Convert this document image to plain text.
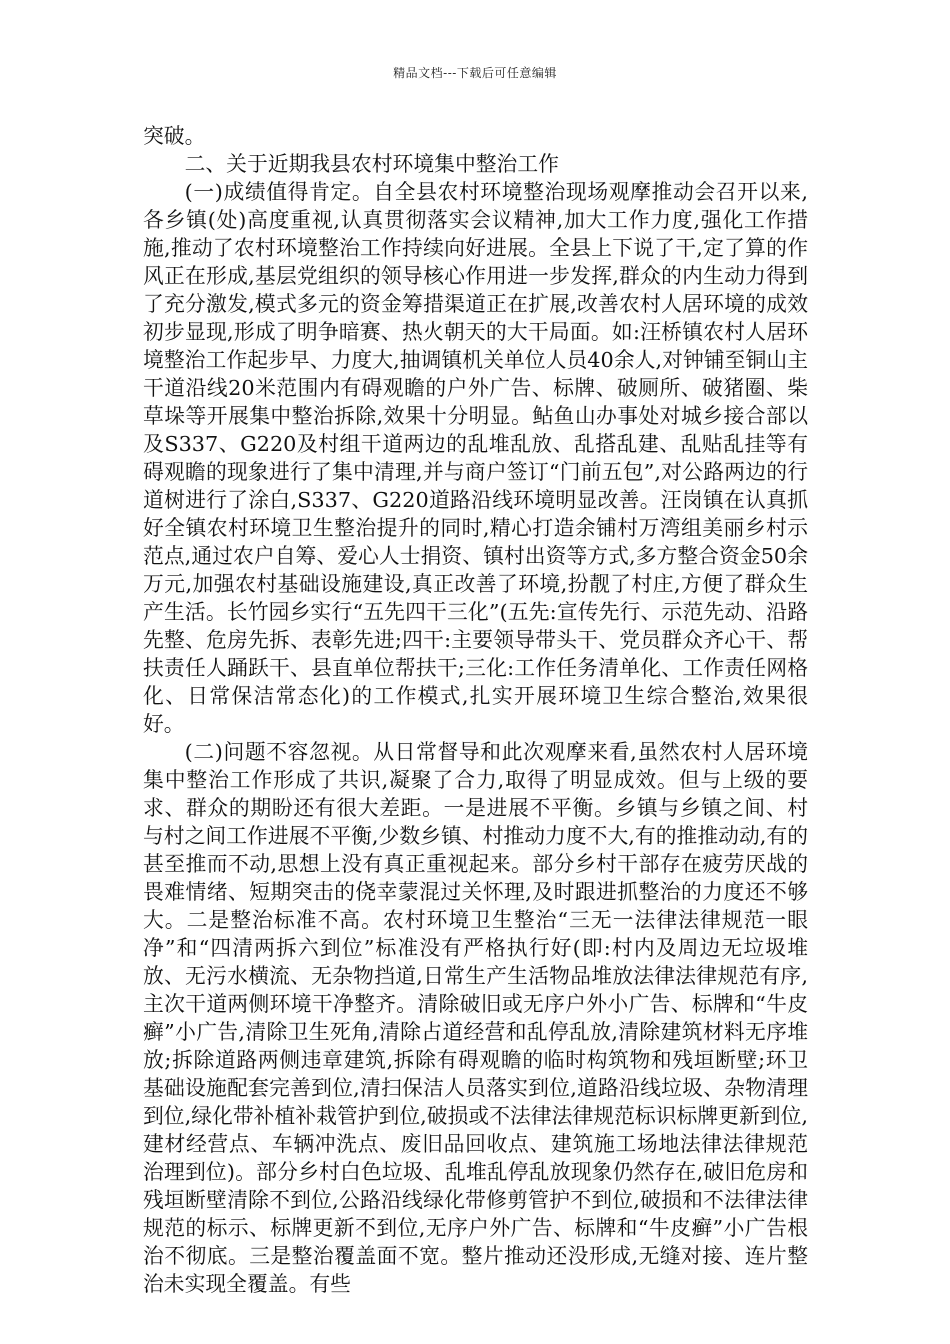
精品文档---下载后可任意编辑

突破。

二、关于近期我县农村环境集中整治工作

(一)成绩值得肯定。自全县农村环境整治现场观摩推动会召开以来,各乡镇(处)高度重视,认真贯彻落实会议精神,加大工作力度,强化工作措施,推动了农村环境整治工作持续向好进展。全县上下说了干,定了算的作风正在形成,基层党组织的领导核心作用进一步发挥,群众的内生动力得到了充分激发,模式多元的资金筹措渠道正在扩展,改善农村人居环境的成效初步显现,形成了明争暗赛、热火朝天的大干局面。如:汪桥镇农村人居环境整治工作起步早、力度大,抽调镇机关单位人员40余人,对钟铺至铜山主干道沿线20米范围内有碍观瞻的户外广告、标牌、破厕所、破猪圈、柴草垛等开展集中整治拆除,效果十分明显。鲇鱼山办事处对城乡接合部以及S337、G220及村组干道两边的乱堆乱放、乱搭乱建、乱贴乱挂等有碍观瞻的现象进行了集中清理,并与商户签订“门前五包”,对公路两边的行道树进行了涂白,S337、G220道路沿线环境明显改善。汪岗镇在认真抓好全镇农村环境卫生整治提升的同时,精心打造余铺村万湾组美丽乡村示范点,通过农户自筹、爱心人士捐资、镇村出资等方式,多方整合资金50余万元,加强农村基础设施建设,真正改善了环境,扮靓了村庄,方便了群众生产生活。长竹园乡实行“五先四干三化”(五先:宣传先行、示范先动、沿路先整、危房先拆、表彰先进;四干:主要领导带头干、党员群众齐心干、帮扶责任人踊跃干、县直单位帮扶干;三化:工作任务清单化、工作责任网格化、日常保洁常态化)的工作模式,扎实开展环境卫生综合整治,效果很好。

(二)问题不容忽视。从日常督导和此次观摩来看,虽然农村人居环境集中整治工作形成了共识,凝聚了合力,取得了明显成效。但与上级的要求、群众的期盼还有很大差距。一是进展不平衡。乡镇与乡镇之间、村与村之间工作进展不平衡,少数乡镇、村推动力度不大,有的推推动动,有的甚至推而不动,思想上没有真正重视起来。部分乡村干部存在疲劳厌战的畏难情绪、短期突击的侥幸蒙混过关怀理,及时跟进抓整治的力度还不够大。二是整治标准不高。农村环境卫生整治“三无一法律法律规范一眼净”和“四清两拆六到位”标准没有严格执行好(即:村内及周边无垃圾堆放、无污水横流、无杂物挡道,日常生产生活物品堆放法律法律规范有序,主次干道两侧环境干净整齐。清除破旧或无序户外小广告、标牌和“牛皮癣”小广告,清除卫生死角,清除占道经营和乱停乱放,清除建筑材料无序堆放;拆除道路两侧违章建筑,拆除有碍观瞻的临时构筑物和残垣断壁;环卫基础设施配套完善到位,清扫保洁人员落实到位,道路沿线垃圾、杂物清理到位,绿化带补植补栽管护到位,破损或不法律法律规范标识标牌更新到位,建材经营点、车辆冲洗点、废旧品回收点、建筑施工场地法律法律规范治理到位)。部分乡村白色垃圾、乱堆乱停乱放现象仍然存在,破旧危房和残垣断壁清除不到位,公路沿线绿化带修剪管护不到位,破损和不法律法律规范的标示、标牌更新不到位,无序户外广告、标牌和“牛皮癣”小广告根治不彻底。三是整治覆盖面不宽。整片推动还没形成,无缝对接、连片整治未实现全覆盖。有些
